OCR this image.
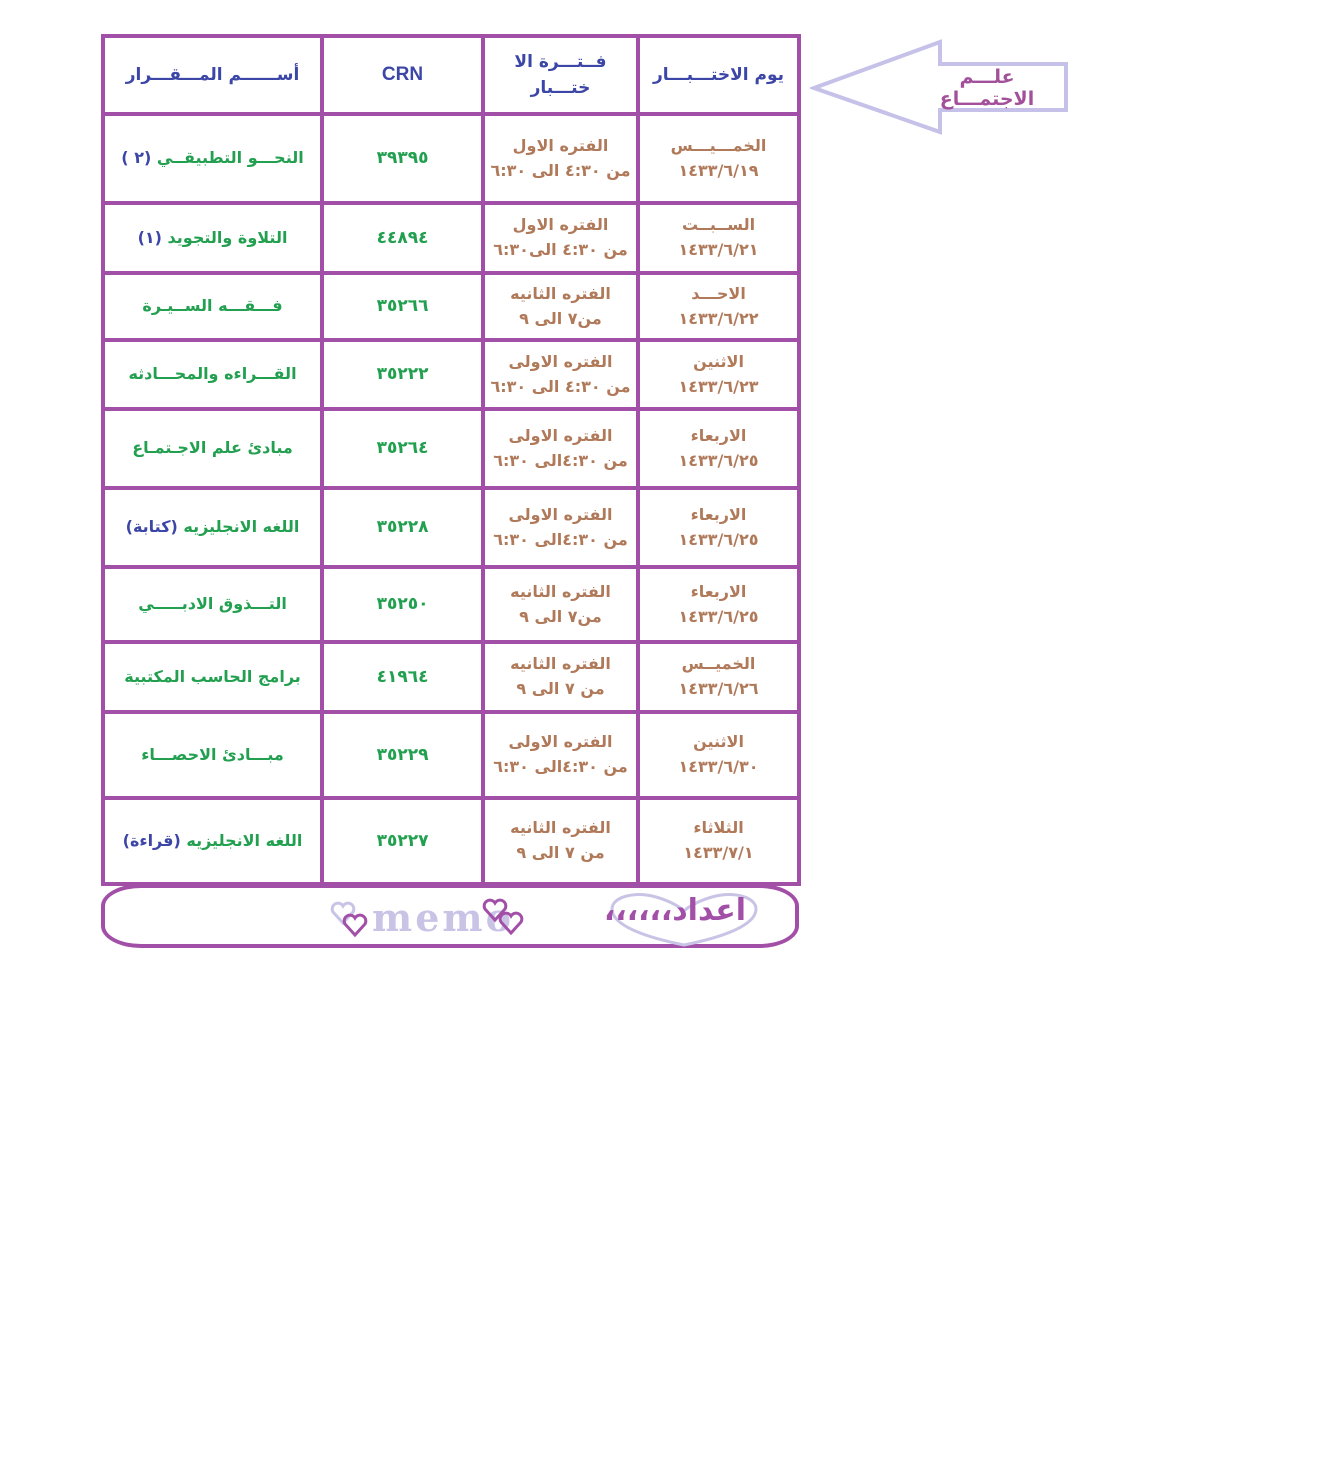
علـــم الاجتمـــاع
يوم الاختـــبـــار
فــتـــرة الا ختـــبار
CRN
أســــــم المـــقـــرار
الخمـــيـــس
١٤٣٣/٦/١٩
الفتره الاول
من ٤:٣٠ الى ٦:٣٠
٣٩٣٩٥
النحـــو التطبيقــي (٢ )
الســبــت
١٤٣٣/٦/٢١
الفتره الاول
من ٤:٣٠ الى٦:٣٠
٤٤٨٩٤
التلاوة والتجويد (١)
الاحـــد
١٤٣٣/٦/٢٢
الفتره الثانيه
من٧ الى ٩
٣٥٢٦٦
فـــقـــه الســيـرة
الاثنين
١٤٣٣/٦/٢٣
الفتره الاولى
من ٤:٣٠ الى ٦:٣٠
٣٥٢٢٢
القـــراءه والمحـــادثه
الاربعاء
١٤٣٣/٦/٢٥
الفتره الاولى
من ٤:٣٠الى ٦:٣٠
٣٥٢٦٤
مبادئ علم الاجـتمـاع
الاربعاء
١٤٣٣/٦/٢٥
الفتره الاولى
من ٤:٣٠الى ٦:٣٠
٣٥٢٢٨
اللغه الانجليزيه (كتابة)
الاربعاء
١٤٣٣/٦/٢٥
الفتره الثانيه
من٧ الى ٩
٣٥٢٥٠
التـــذوق الادبـــــي
الخميــس
١٤٣٣/٦/٢٦
الفتره الثانيه
من ٧ الى ٩
٤١٩٦٤
برامج الحاسب المكتبية
الاثنين
١٤٣٣/٦/٣٠
الفتره الاولى
من ٤:٣٠الى ٦:٣٠
٣٥٢٢٩
مبـــادئ الاحصـــاء
الثلاثاء
١٤٣٣/٧/١
الفتره الثانيه
من ٧ الى ٩
٣٥٢٢٧
اللغه الانجليزيه (قراءة)
memo	اعداد،،،،،،
